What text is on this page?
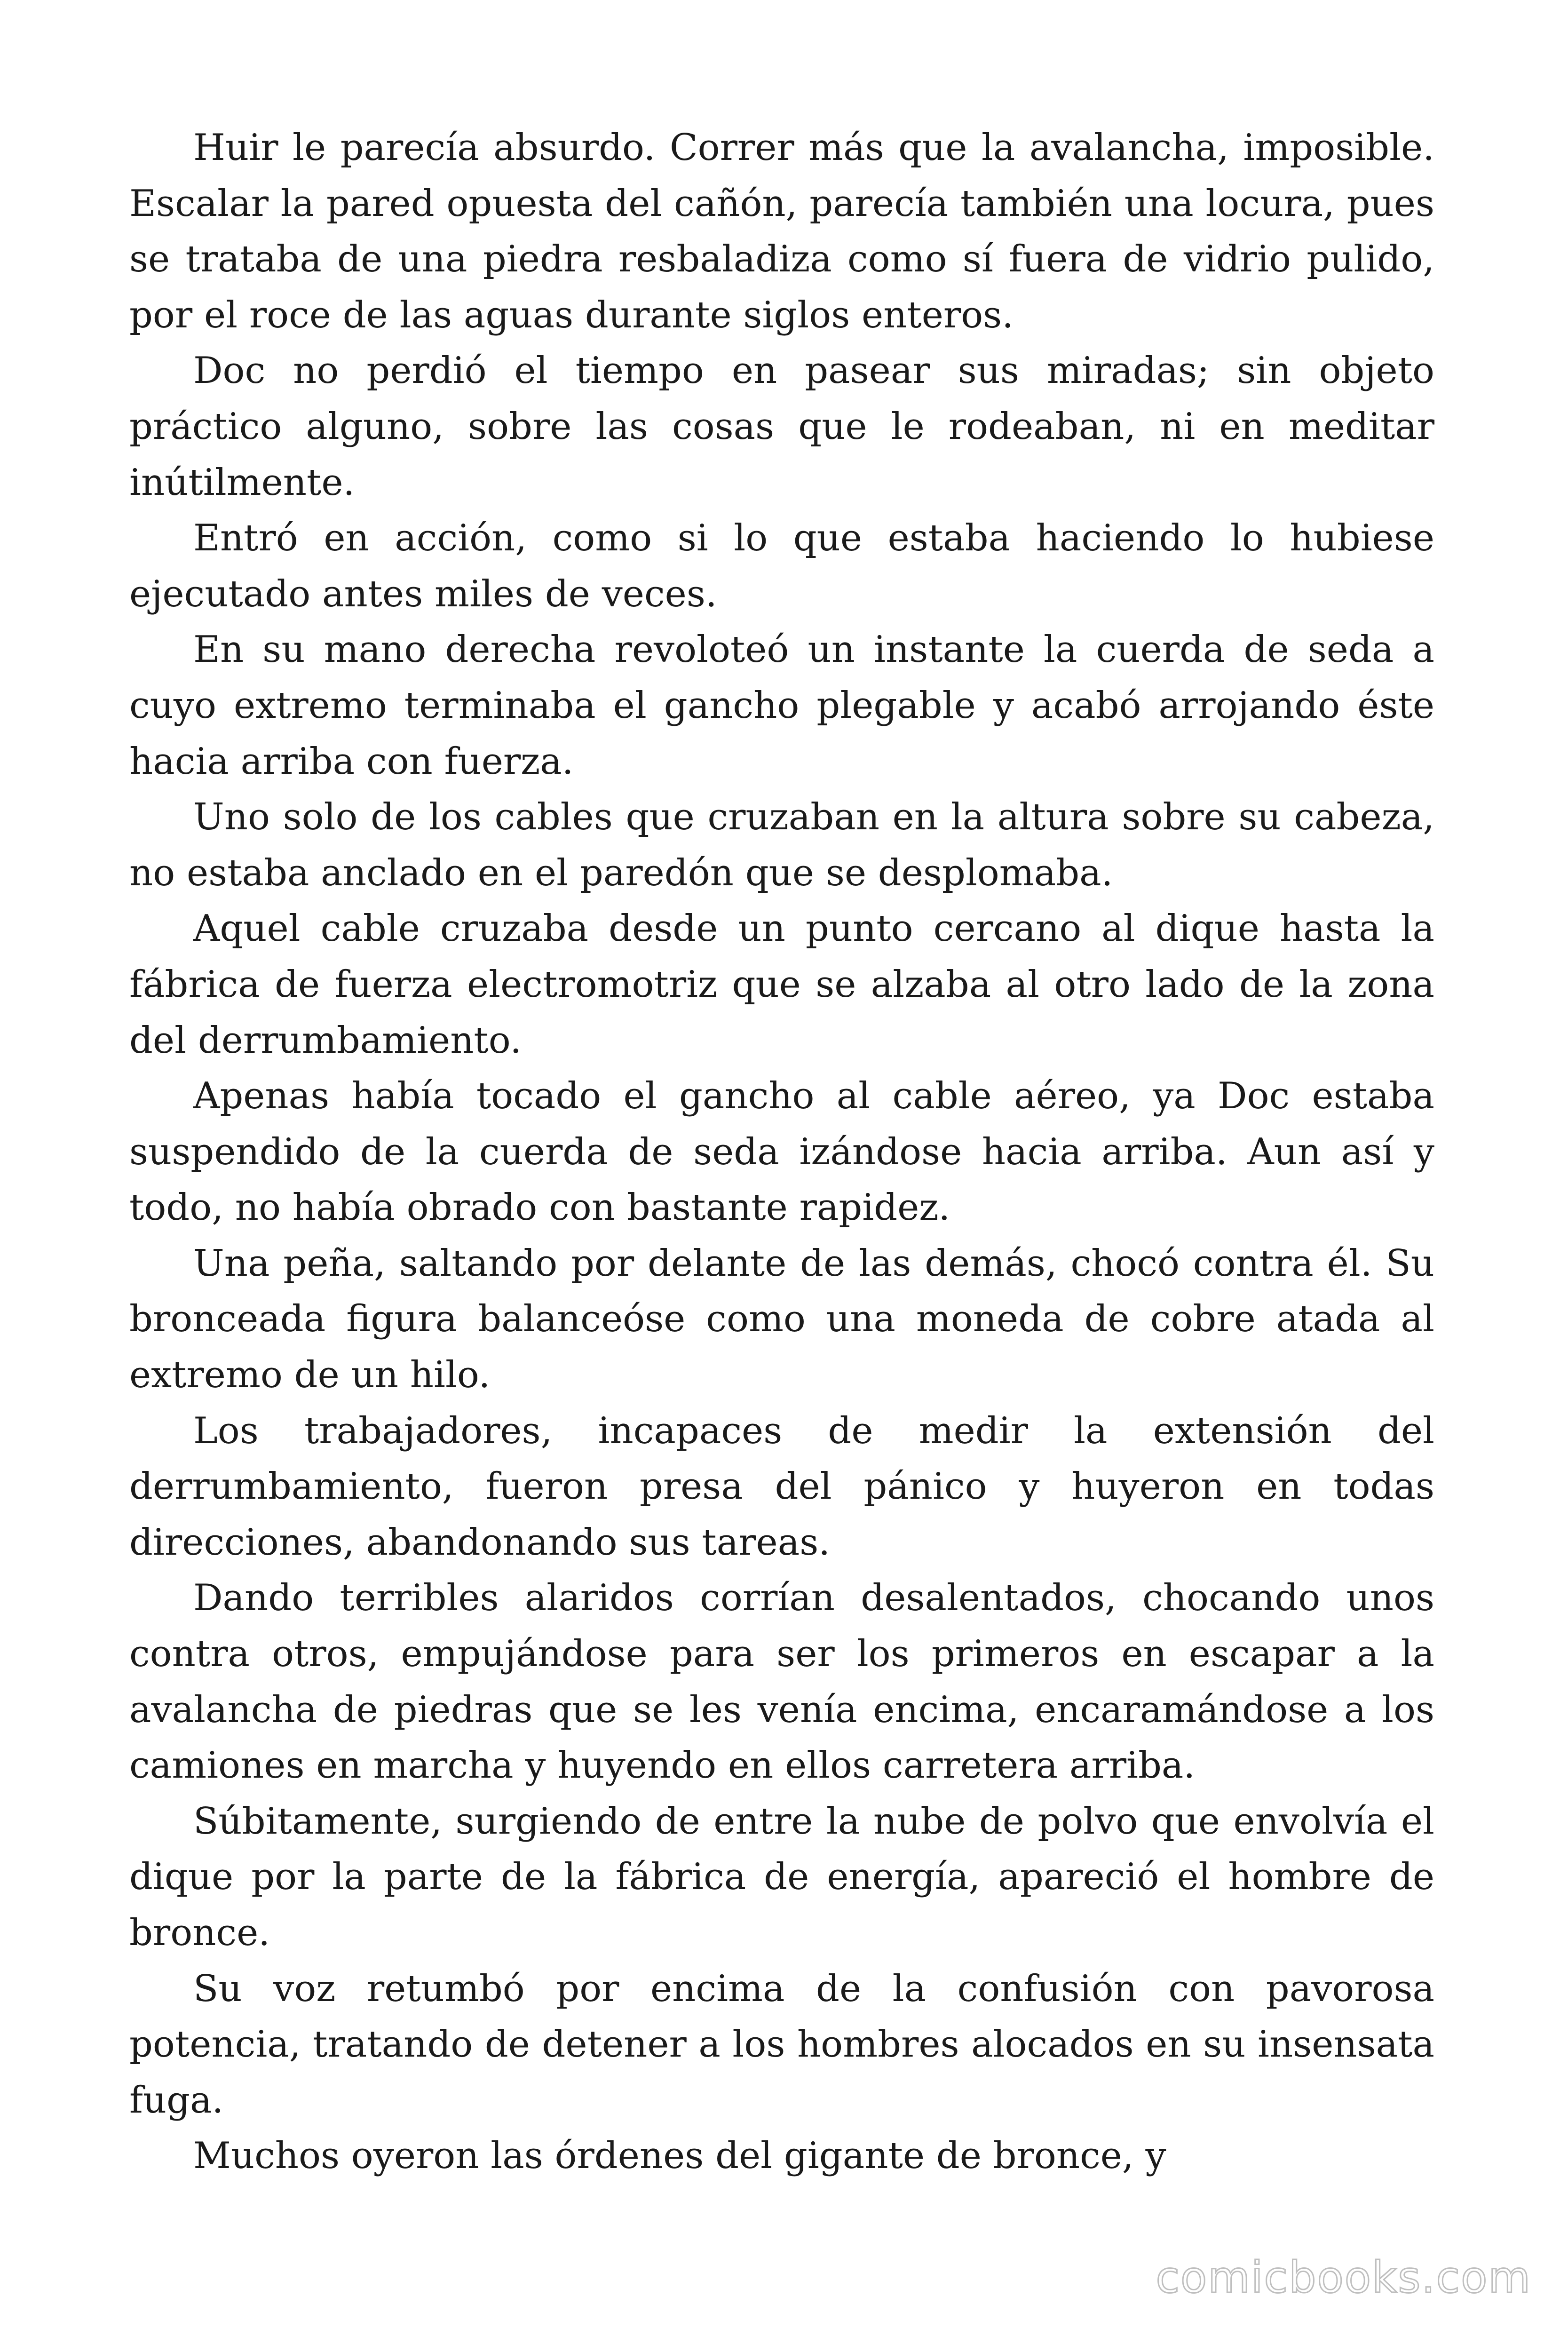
Huir le parecía absurdo. Correr más que la avalancha, imposible. Escalar la pared opuesta del cañón, parecía también una locura, pues se trataba de una piedra resbaladiza como sí fuera de vidrio pulido, por el roce de las aguas durante siglos enteros.

Doc no perdió el tiempo en pasear sus miradas; sin objeto práctico alguno, sobre las cosas que le rodeaban, ni en meditar inútilmente.

Entró en acción, como si lo que estaba haciendo lo hubiese ejecutado antes miles de veces.

En su mano derecha revoloteó un instante la cuerda de seda a cuyo extremo terminaba el gancho plegable y acabó arrojando éste hacia arriba con fuerza.

Uno solo de los cables que cruzaban en la altura sobre su cabeza, no estaba anclado en el paredón que se desplomaba.

Aquel cable cruzaba desde un punto cercano al dique hasta la fábrica de fuerza electromotriz que se alzaba al otro lado de la zona del derrumbamiento.

Apenas había tocado el gancho al cable aéreo, ya Doc estaba suspendido de la cuerda de seda izándose hacia arriba. Aun así y todo, no había obrado con bastante rapidez.

Una peña, saltando por delante de las demás, chocó contra él. Su bronceada figura balanceóse como una moneda de cobre atada al extremo de un hilo.

Los trabajadores, incapaces de medir la extensión del derrumbamiento, fueron presa del pánico y huyeron en todas direcciones, abandonando sus tareas.

Dando terribles alaridos corrían desalentados, chocando unos contra otros, empujándose para ser los primeros en escapar a la avalancha de piedras que se les venía encima, encaramándose a los camiones en marcha y huyendo en ellos carretera arriba.

Súbitamente, surgiendo de entre la nube de polvo que envolvía el dique por la parte de la fábrica de energía, apareció el hombre de bronce.

Su voz retumbó por encima de la confusión con pavorosa potencia, tratando de detener a los hombres alocados en su insensata fuga.

Muchos oyeron las órdenes del gigante de bronce, y

comicbooks.com
